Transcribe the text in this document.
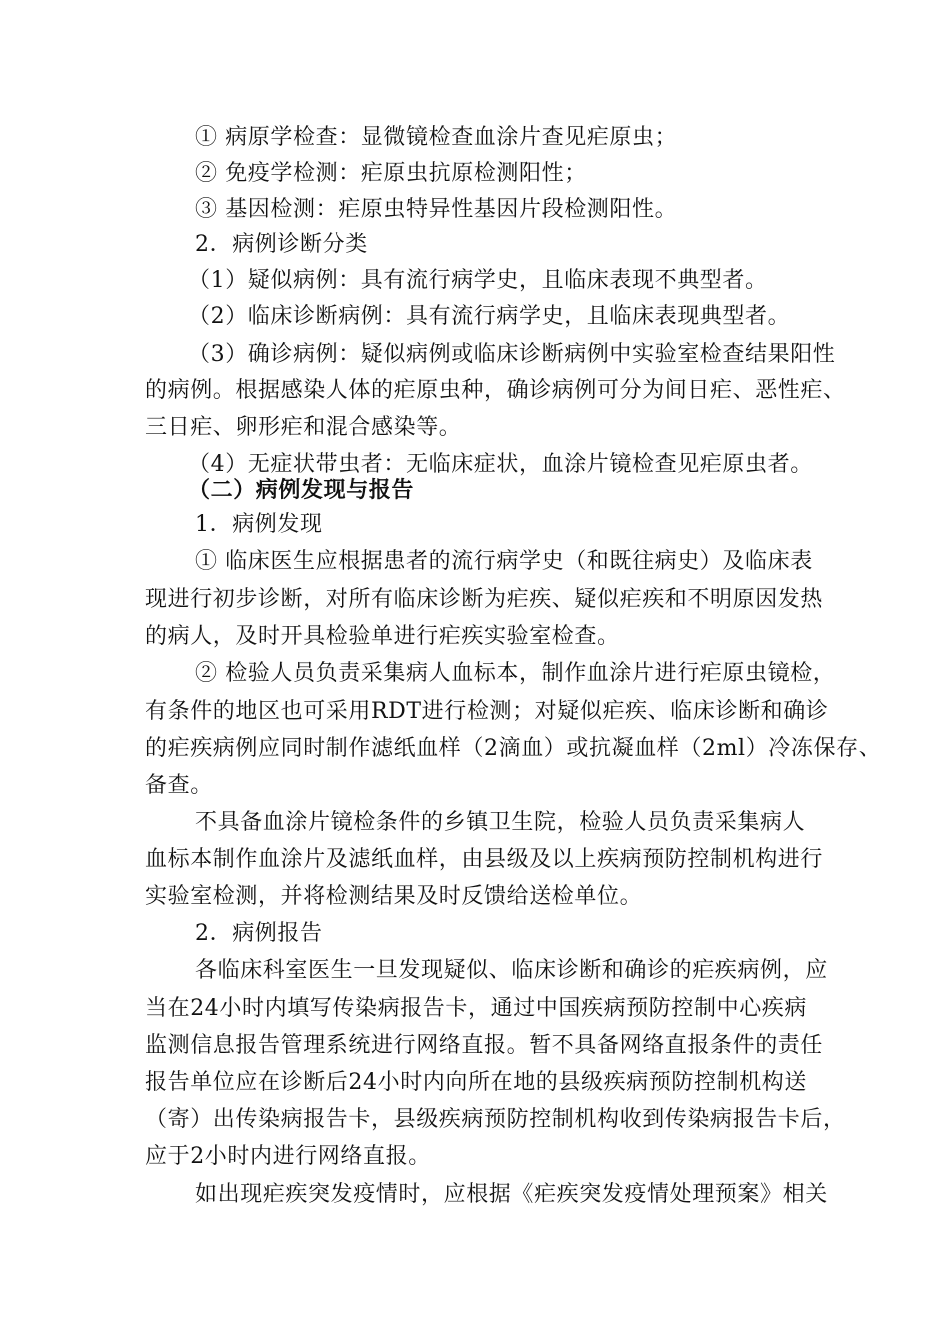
① 病原学检查：显微镜检查血涂片查见疟原虫；

② 免疫学检测：疟原虫抗原检测阳性；

③ 基因检测：疟原虫特异性基因片段检测阳性。

2．病例诊断分类

（1）疑似病例：具有流行病学史，且临床表现不典型者。

（2）临床诊断病例：具有流行病学史，且临床表现典型者。

（3）确诊病例：疑似病例或临床诊断病例中实验室检查结果阳性

的病例。根据感染人体的疟原虫种，确诊病例可分为间日疟、恶性疟、

三日疟、卵形疟和混合感染等。

（4）无症状带虫者：无临床症状，血涂片镜检查见疟原虫者。

（二）病例发现与报告

1．病例发现

① 临床医生应根据患者的流行病学史（和既往病史）及临床表

现进行初步诊断，对所有临床诊断为疟疾、疑似疟疾和不明原因发热

的病人，及时开具检验单进行疟疾实验室检查。

② 检验人员负责采集病人血标本，制作血涂片进行疟原虫镜检，

有条件的地区也可采用RDT进行检测；对疑似疟疾、临床诊断和确诊

的疟疾病例应同时制作滤纸血样（2滴血）或抗凝血样（2ml）冷冻保存、

备查。

不具备血涂片镜检条件的乡镇卫生院，检验人员负责采集病人

血标本制作血涂片及滤纸血样，由县级及以上疾病预防控制机构进行

实验室检测，并将检测结果及时反馈给送检单位。

2．病例报告

各临床科室医生一旦发现疑似、临床诊断和确诊的疟疾病例，应

当在24小时内填写传染病报告卡，通过中国疾病预防控制中心疾病

监测信息报告管理系统进行网络直报。暂不具备网络直报条件的责任

报告单位应在诊断后24小时内向所在地的县级疾病预防控制机构送

（寄）出传染病报告卡，县级疾病预防控制机构收到传染病报告卡后，

应于2小时内进行网络直报。

如出现疟疾突发疫情时，应根据《疟疾突发疫情处理预案》相关
